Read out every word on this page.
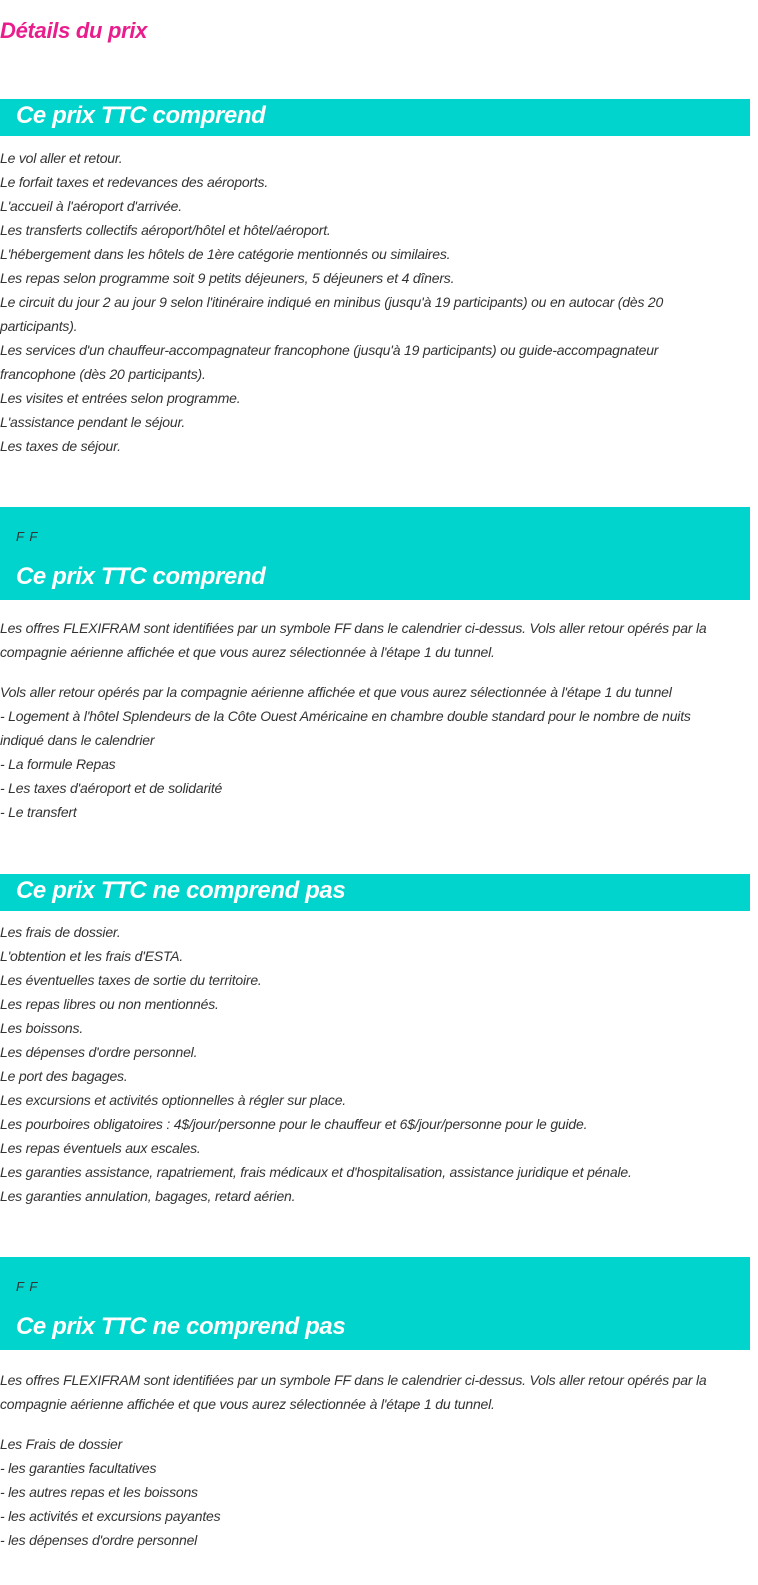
Détails du prix
Ce prix TTC comprend
Le vol aller et retour.
Le forfait taxes et redevances des aéroports.
L'accueil à l'aéroport d'arrivée.
Les transferts collectifs aéroport/hôtel et hôtel/aéroport.
L'hébergement dans les hôtels de 1ère catégorie mentionnés ou similaires.
Les repas selon programme soit 9 petits déjeuners, 5 déjeuners et 4 dîners.
Le circuit du jour 2 au jour 9 selon l'itinéraire indiqué en minibus (jusqu'à 19 participants) ou en autocar (dès 20
participants).
Les services d'un chauffeur-accompagnateur francophone (jusqu'à 19 participants) ou guide-accompagnateur
francophone (dès 20 participants).
Les visites et entrées selon programme.
L'assistance pendant le séjour.
Les taxes de séjour.
F F
Ce prix TTC comprend
Les offres FLEXIFRAM sont identifiées par un symbole FF dans le calendrier ci-dessus. Vols aller retour opérés par la
compagnie aérienne affichée et que vous aurez sélectionnée à l'étape 1 du tunnel.
Vols aller retour opérés par la compagnie aérienne affichée et que vous aurez sélectionnée à l'étape 1 du tunnel
- Logement à l'hôtel Splendeurs de la Côte Ouest Américaine en chambre double standard pour le nombre de nuits
indiqué dans le calendrier
- La formule Repas
- Les taxes d'aéroport et de solidarité
- Le transfert
Ce prix TTC ne comprend pas
Les frais de dossier.
L'obtention et les frais d'ESTA.
Les éventuelles taxes de sortie du territoire.
Les repas libres ou non mentionnés.
Les boissons.
Les dépenses d'ordre personnel.
Le port des bagages.
Les excursions et activités optionnelles à régler sur place.
Les pourboires obligatoires : 4$/jour/personne pour le chauffeur et 6$/jour/personne pour le guide.
Les repas éventuels aux escales.
Les garanties assistance, rapatriement, frais médicaux et d'hospitalisation, assistance juridique et pénale.
Les garanties annulation, bagages, retard aérien.
F F
Ce prix TTC ne comprend pas
Les offres FLEXIFRAM sont identifiées par un symbole FF dans le calendrier ci-dessus. Vols aller retour opérés par la
compagnie aérienne affichée et que vous aurez sélectionnée à l'étape 1 du tunnel.
Les Frais de dossier
- les garanties facultatives
- les autres repas et les boissons
- les activités et excursions payantes
- les dépenses d'ordre personnel
